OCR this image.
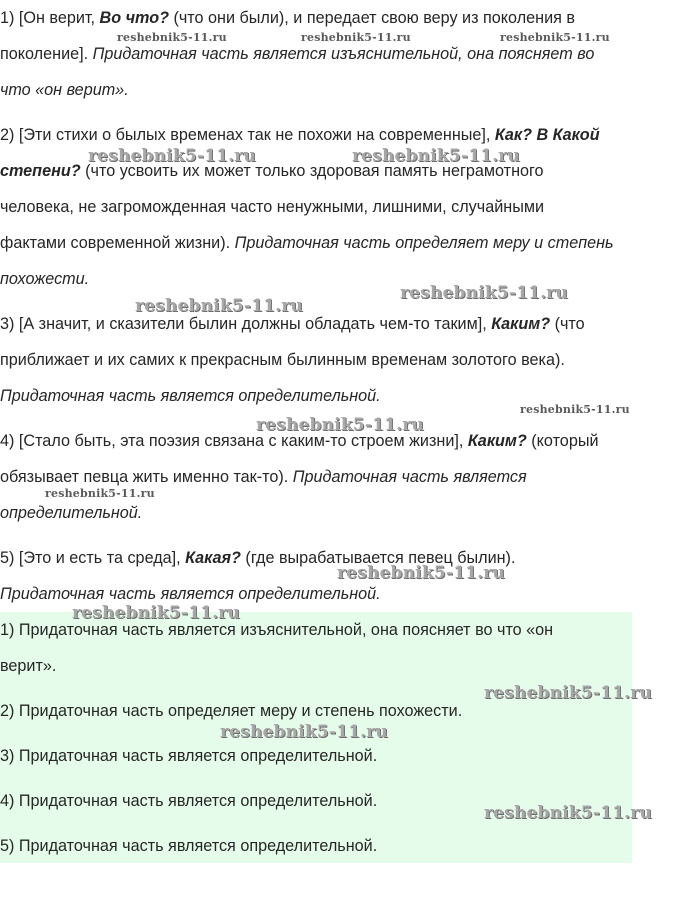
1) [Он верит, Во что? (что они были), и передает свою веру из поколения в
поколение]. Придаточная часть является изъяснительной, она поясняет во
что «он верит».
2) [Эти стихи о былых временах так не похожи на современные], Как? В Какой
степени? (что усвоить их может только здоровая память неграмотного
человека, не загроможденная часто ненужными, лишними, случайными
фактами современной жизни). Придаточная часть определяет меру и степень
похожести.
3) [А значит, и сказители былин должны обладать чем-то таким], Каким? (что
приближает и их самих к прекрасным былинным временам золотого века).
Придаточная часть является определительной.
4) [Стало быть, эта поэзия связана с каким-то строем жизни], Каким? (который
обязывает певца жить именно так-то). Придаточная часть является
определительной.
5) [Это и есть та среда], Какая? (где вырабатывается певец былин).
Придаточная часть является определительной.
1) Придаточная часть является изъяснительной, она поясняет во что «он
верит».
2) Придаточная часть определяет меру и степень похожести.
3) Придаточная часть является определительной.
4) Придаточная часть является определительной.
5) Придаточная часть является определительной.
reshebnik5-11.ru	reshebnik5-11.ru	reshebnik5-11.ru
reshebnik5-11.ru	reshebnik5-11.ru
reshebnik5-11.ru
reshebnik5-11.ru
reshebnik5-11.ru
reshebnik5-11.ru
reshebnik5-11.ru
reshebnik5-11.ru
reshebnik5-11.ru
reshebnik5-11.ru
reshebnik5-11.ru
reshebnik5-11.ru
